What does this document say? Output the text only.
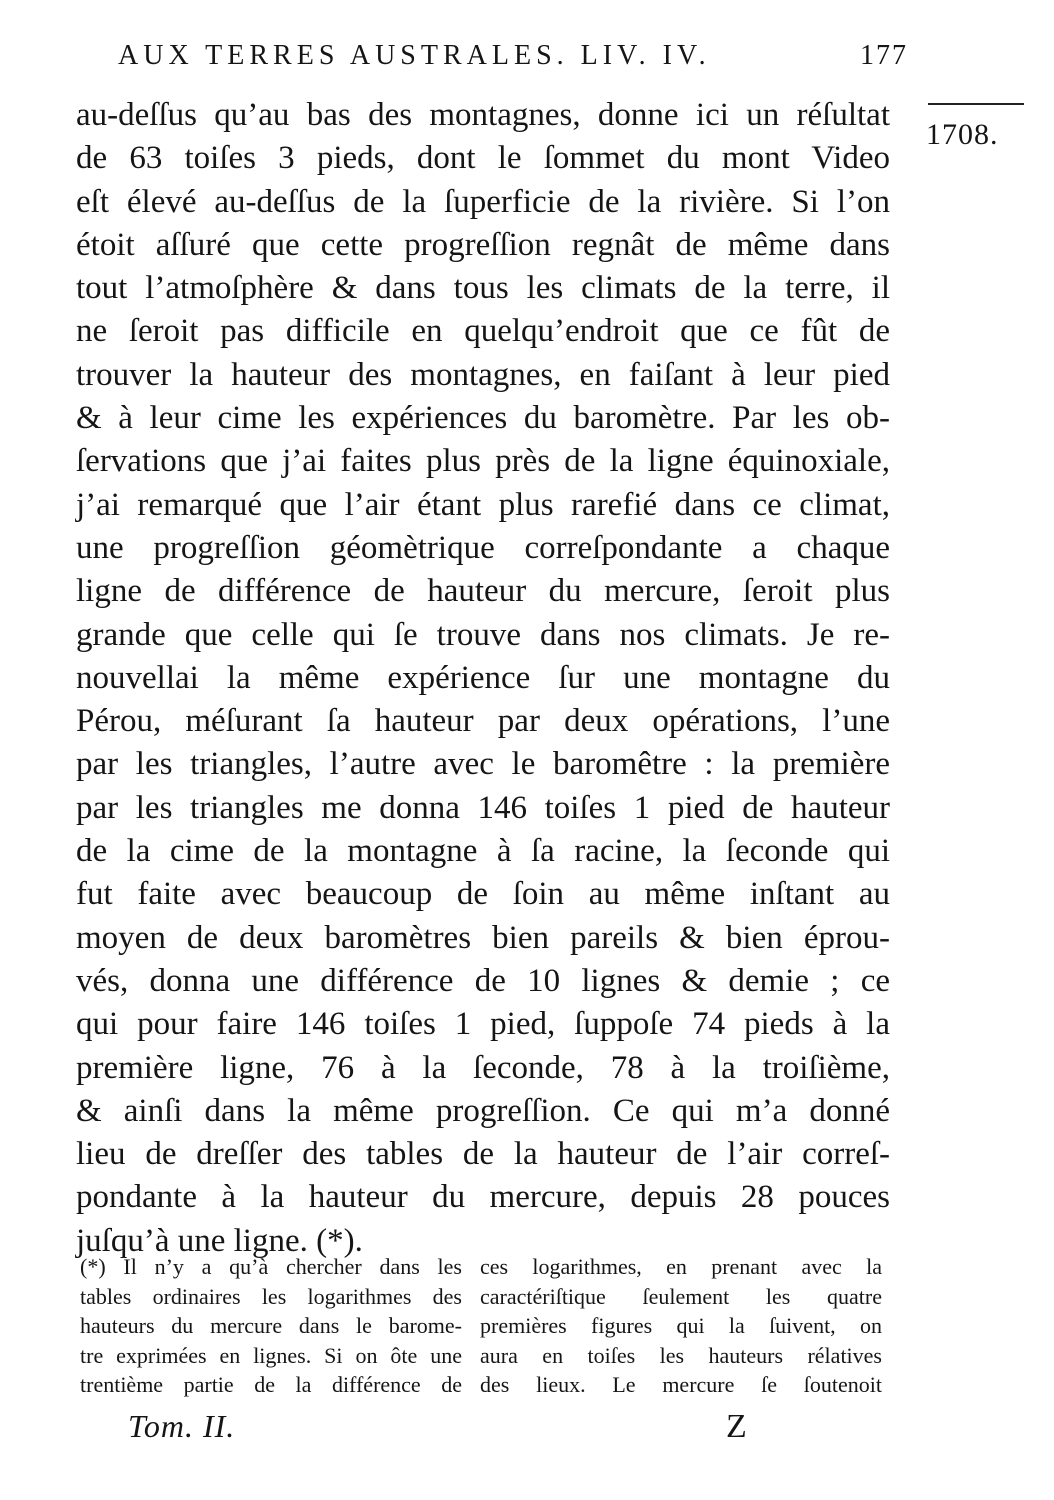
AUX TERRES AUSTRALES. LIV. IV.	177
1708.
au-deſſus qu’au bas des montagnes, donne ici un réſultat
de 63 toiſes 3 pieds, dont le ſommet du mont Video
eſt élevé au-deſſus de la ſuperficie de la rivière. Si l’on
étoit aſſuré que cette progreſſion regnât de même dans
tout l’atmoſphère & dans tous les climats de la terre, il
ne ſeroit pas difficile en quelqu’endroit que ce fût de
trouver la hauteur des montagnes, en faiſant à leur pied
& à leur cime les expériences du baromètre. Par les ob-
ſervations que j’ai faites plus près de la ligne équinoxiale,
j’ai remarqué que l’air étant plus rarefié dans ce climat,
une progreſſion géomètrique correſpondante a chaque
ligne de différence de hauteur du mercure, ſeroit plus
grande que celle qui ſe trouve dans nos climats. Je re-
nouvellai la même expérience ſur une montagne du
Pérou, méſurant ſa hauteur par deux opérations, l’une
par les triangles, l’autre avec le baromêtre : la première
par les triangles me donna 146 toiſes 1 pied de hauteur
de la cime de la montagne à ſa racine, la ſeconde qui
fut faite avec beaucoup de ſoin au même inſtant au
moyen de deux baromètres bien pareils & bien éprou-
vés, donna une différence de 10 lignes & demie ; ce
qui pour faire 146 toiſes 1 pied, ſuppoſe 74 pieds à la
première ligne, 76 à la ſeconde, 78 à la troiſième,
& ainſi dans la même progreſſion. Ce qui m’a donné
lieu de dreſſer des tables de la hauteur de l’air correſ-
pondante à la hauteur du mercure, depuis 28 pouces
juſqu’à une ligne. (*).
(*) Il n’y a qu’à chercher dans les
tables ordinaires les logarithmes des
hauteurs du mercure dans le barome-
tre exprimées en lignes. Si on ôte une
trentième partie de la différence de
ces logarithmes, en prenant avec la
caractériſtique ſeulement les quatre
premières figures qui la ſuivent, on
aura en toiſes les hauteurs rélatives
des lieux. Le mercure ſe ſoutenoit
Tom. II.	Z
